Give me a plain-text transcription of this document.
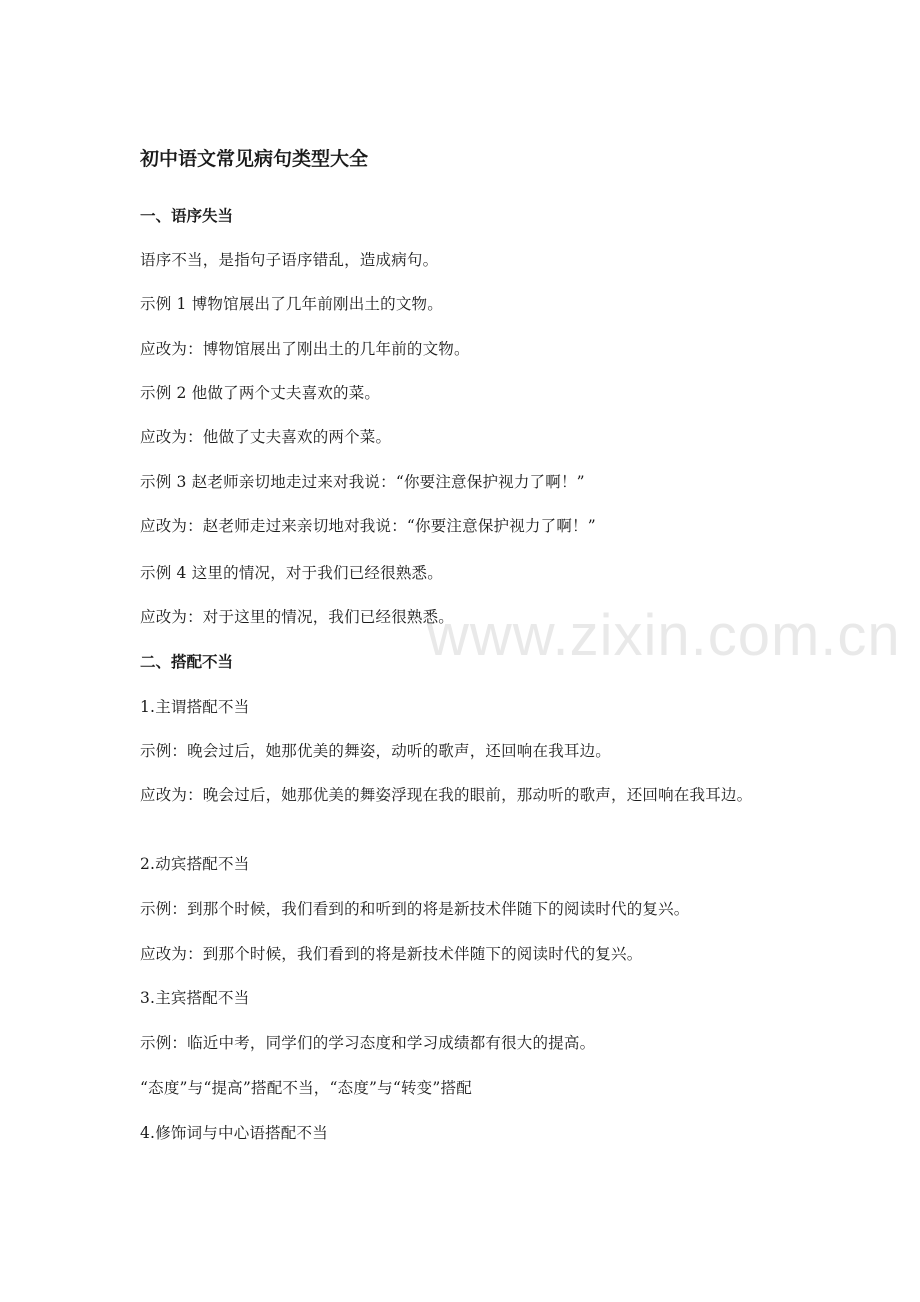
初中语文常见病句类型大全
一、语序失当
语序不当，是指句子语序错乱，造成病句。
示例 1 博物馆展出了几年前刚出土的文物。
应改为：博物馆展出了刚出土的几年前的文物。
示例 2 他做了两个丈夫喜欢的菜。
应改为：他做了丈夫喜欢的两个菜。
示例 3 赵老师亲切地走过来对我说：“你要注意保护视力了啊！”
应改为：赵老师走过来亲切地对我说：“你要注意保护视力了啊！”
示例 4 这里的情况，对于我们已经很熟悉。
应改为：对于这里的情况，我们已经很熟悉。
二、搭配不当
1.主谓搭配不当
示例：晚会过后，她那优美的舞姿，动听的歌声，还回响在我耳边。
应改为：晚会过后，她那优美的舞姿浮现在我的眼前，那动听的歌声，还回响在我耳边。
2.动宾搭配不当
示例：到那个时候，我们看到的和听到的将是新技术伴随下的阅读时代的复兴。
应改为：到那个时候，我们看到的将是新技术伴随下的阅读时代的复兴。
3.主宾搭配不当
示例：临近中考，同学们的学习态度和学习成绩都有很大的提高。
“态度”与“提高”搭配不当，“态度”与“转变”搭配
4.修饰词与中心语搭配不当
www.zixin.com.cn
